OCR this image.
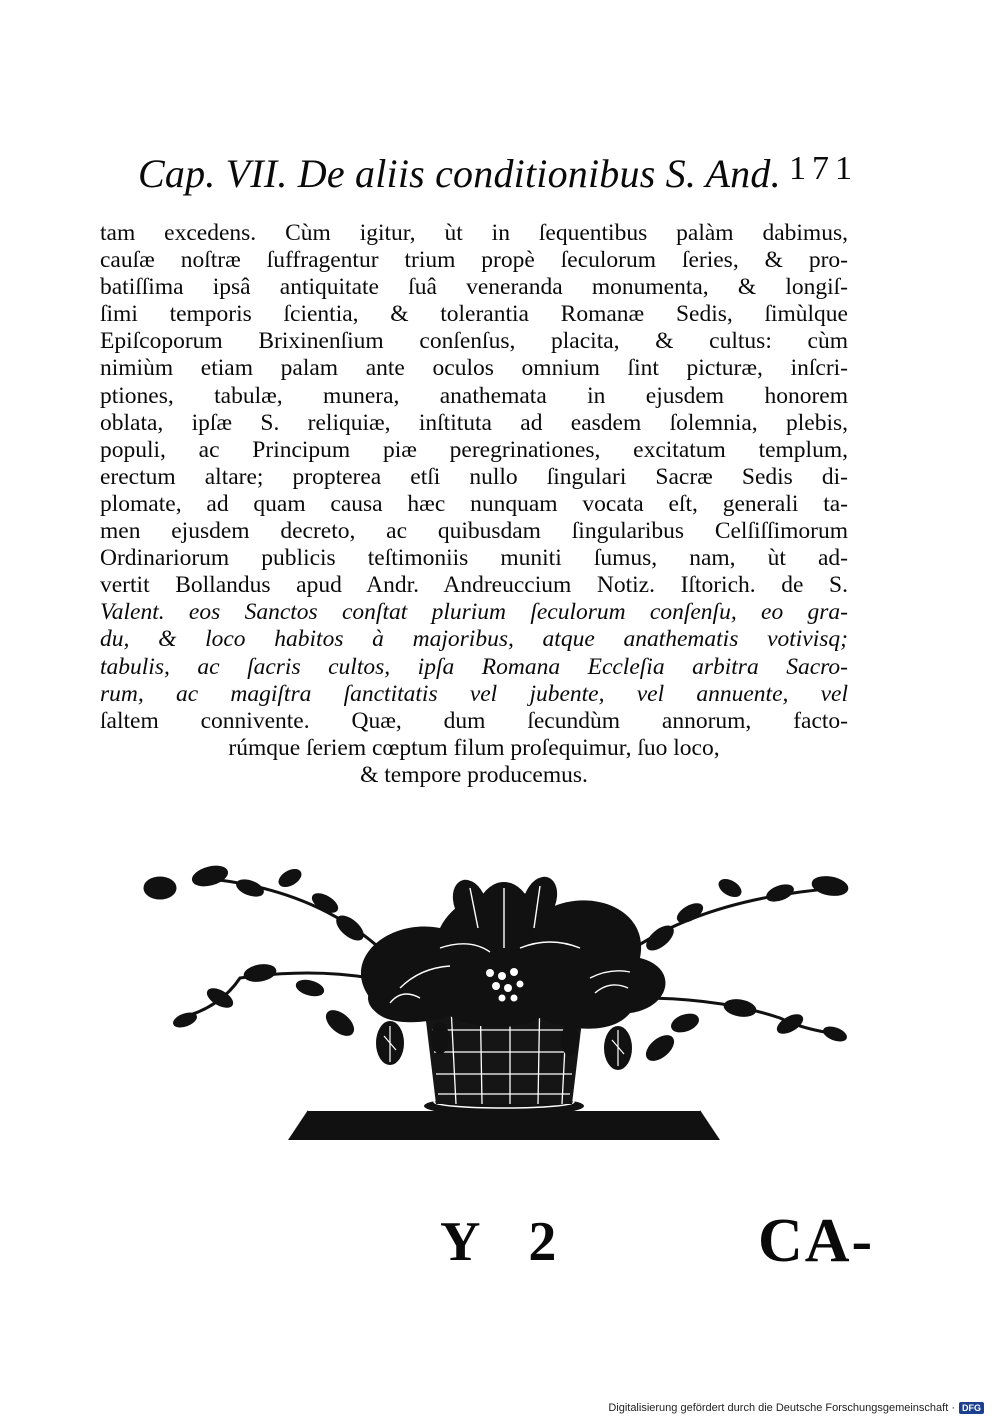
Cap. VII. De aliis conditionibus S. And. 171
tam excedens. Cùm igitur, ùt in ſequentibus palàm dabimus,
cauſæ noſtræ ſuffragentur trium propè ſeculorum ſeries, & pro-
batiſſima ipsâ antiquitate ſuâ veneranda monumenta, & longiſ-
ſimi temporis ſcientia, & tolerantia Romanæ Sedis, ſimùlque
Epiſcoporum Brixinenſium conſenſus, placita, & cultus: cùm
nimiùm etiam palam ante oculos omnium ſint picturæ, inſcri-
ptiones, tabulæ, munera, anathemata in ejusdem honorem
oblata, ipſæ S. reliquiæ, inſtituta ad easdem ſolemnia, plebis,
populi, ac Principum piæ peregrinationes, excitatum templum,
erectum altare; propterea etſi nullo ſingulari Sacræ Sedis di-
plomate, ad quam causa hæc nunquam vocata eſt, generali ta-
men ejusdem decreto, ac quibusdam ſingularibus Celſiſſimorum
Ordinariorum publicis teſtimoniis muniti ſumus, nam, ùt ad-
vertit Bollandus apud Andr. Andreuccium Notiz. Iſtorich. de S.
Valent. eos Sanctos conſtat plurium ſeculorum conſenſu, eo gra-
du, & loco habitos à majoribus, atque anathematis votivisq;
tabulis, ac ſacris cultos, ipſa Romana Eccleſia arbitra Sacro-
rum, ac magiſtra ſanctitatis vel jubente, vel annuente, vel
ſaltem connivente. Quæ, dum ſecundùm annorum, facto-
rúmque ſeriem cœptum filum proſequimur, ſuo loco,
& tempore producemus.
Y 2	CA-
Digitalisierung gefördert durch die Deutsche Forschungsgemeinschaft · DFG
